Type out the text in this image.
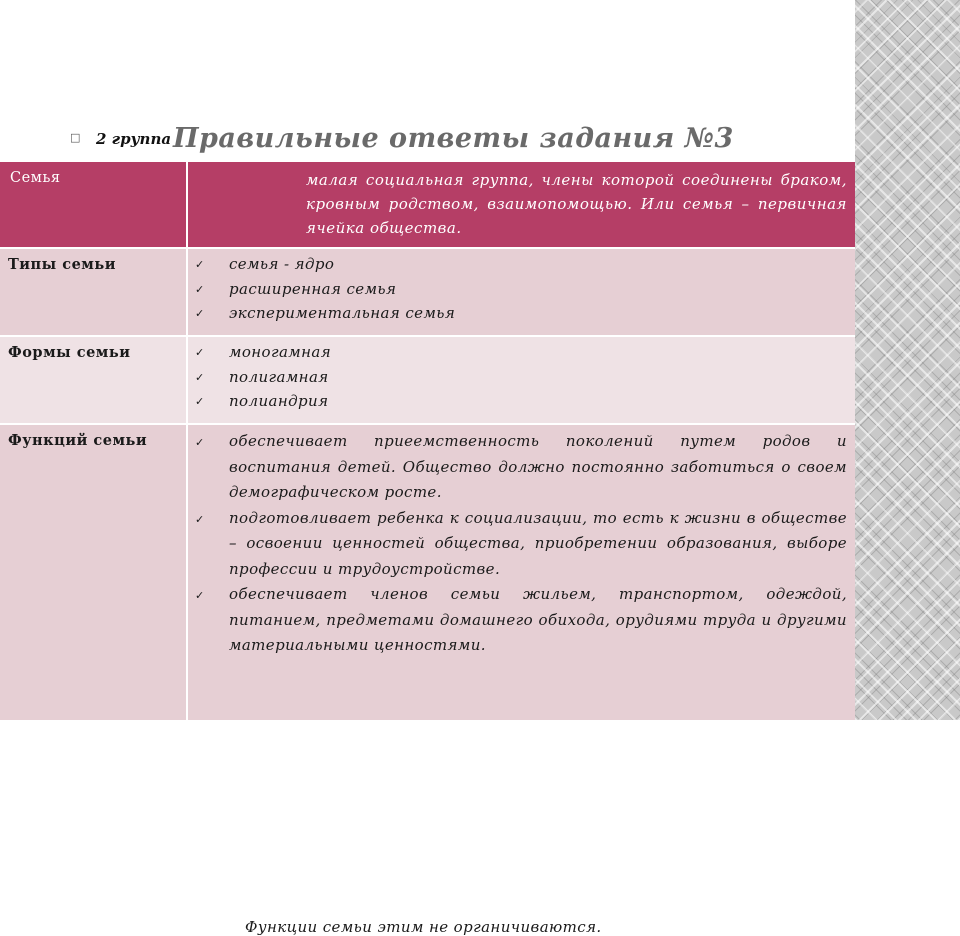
□ 2 группа Правильные ответы задания №3
Семья	малая социальная группа, члены которой соединены браком, кровным родством, взаимопомощью. Или семья – первичная ячейка общества.
Типы семьи	✓ семья - ядро
✓ расширенная семья
✓ экспериментальная семья
Формы семьи	✓ моногамная
✓ полигамная
✓ полиандрия
Функций семьи	✓ обеспечивает приеемственность поколений путем родов и воспитания детей. Общество должно постоянно заботиться о своем демографическом росте.
✓ подготовливает ребенка к социализации, то есть к жизни в обществе – освоении ценностей общества, приобретении образования, выборе профессии и трудоустройстве.
✓ обеспечивает членов семьи жильем, транспортом, одеждой, питанием, предметами домашнего обихода, орудиями труда и другими материальными ценностями.
Функции семьи этим не органичиваются.
